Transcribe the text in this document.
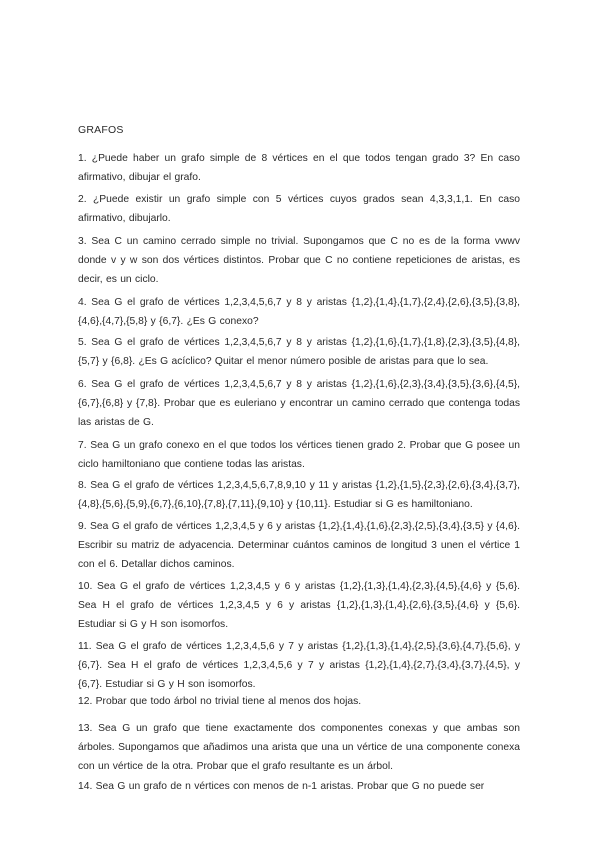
GRAFOS
1. ¿Puede haber un grafo simple de 8 vértices en el que todos tengan grado 3? En caso afirmativo, dibujar el grafo.
2. ¿Puede existir un grafo simple con 5 vértices cuyos grados sean 4,3,3,1,1. En caso afirmativo, dibujarlo.
3. Sea C un camino cerrado simple no trivial. Supongamos que C no es de la forma vwwv donde v y w son dos vértices distintos. Probar que C no contiene repeticiones de aristas, es decir, es un ciclo.
4. Sea G el grafo de vértices 1,2,3,4,5,6,7 y 8 y aristas {1,2},{1,4},{1,7},{2,4},{2,6},{3,5},{3,8},{4,6},{4,7},{5,8} y {6,7}. ¿Es G conexo?
5. Sea G el grafo de vértices 1,2,3,4,5,6,7 y 8 y aristas {1,2},{1,6},{1,7},{1,8},{2,3},{3,5},{4,8},{5,7} y {6,8}. ¿Es G acíclico? Quitar el menor número posible de aristas para que lo sea.
6. Sea G el grafo de vértices 1,2,3,4,5,6,7 y 8 y aristas {1,2},{1,6},{2,3},{3,4},{3,5},{3,6},{4,5},{6,7},{6,8} y {7,8}. Probar que es euleriano y encontrar un camino cerrado que contenga todas las aristas de G.
7. Sea G un grafo conexo en el que todos los vértices tienen grado 2. Probar que G posee un ciclo hamiltoniano que contiene todas las aristas.
8. Sea G el grafo de vértices 1,2,3,4,5,6,7,8,9,10 y 11 y aristas {1,2},{1,5},{2,3},{2,6},{3,4},{3,7},{4,8},{5,6},{5,9},{6,7},{6,10},{7,8},{7,11},{9,10} y {10,11}. Estudiar si G es hamiltoniano.
9. Sea G el grafo de vértices 1,2,3,4,5 y 6 y aristas {1,2},{1,4},{1,6},{2,3},{2,5},{3,4},{3,5} y {4,6}. Escribir su matriz de adyacencia. Determinar cuántos caminos de longitud 3 unen el vértice 1 con el 6. Detallar dichos caminos.
10. Sea G el grafo de vértices 1,2,3,4,5 y 6 y aristas {1,2},{1,3},{1,4},{2,3},{4,5},{4,6} y {5,6}. Sea H el grafo de vértices 1,2,3,4,5 y 6 y aristas {1,2},{1,3},{1,4},{2,6},{3,5},{4,6} y {5,6}. Estudiar si G y H son isomorfos.
11. Sea G el grafo de vértices 1,2,3,4,5,6 y 7 y aristas {1,2},{1,3},{1,4},{2,5},{3,6},{4,7},{5,6}, y {6,7}. Sea H el grafo de vértices 1,2,3,4,5,6 y 7 y aristas {1,2},{1,4},{2,7},{3,4},{3,7},{4,5}, y {6,7}. Estudiar si G y H son isomorfos.
12. Probar que todo árbol no trivial tiene al menos dos hojas.
13. Sea G un grafo que tiene exactamente dos componentes conexas y que ambas son árboles. Supongamos que añadimos una arista que una un vértice de una componente conexa con un vértice de la otra. Probar que el grafo resultante es un árbol.
14. Sea G un grafo de n vértices con menos de n-1 aristas. Probar que G no puede ser
